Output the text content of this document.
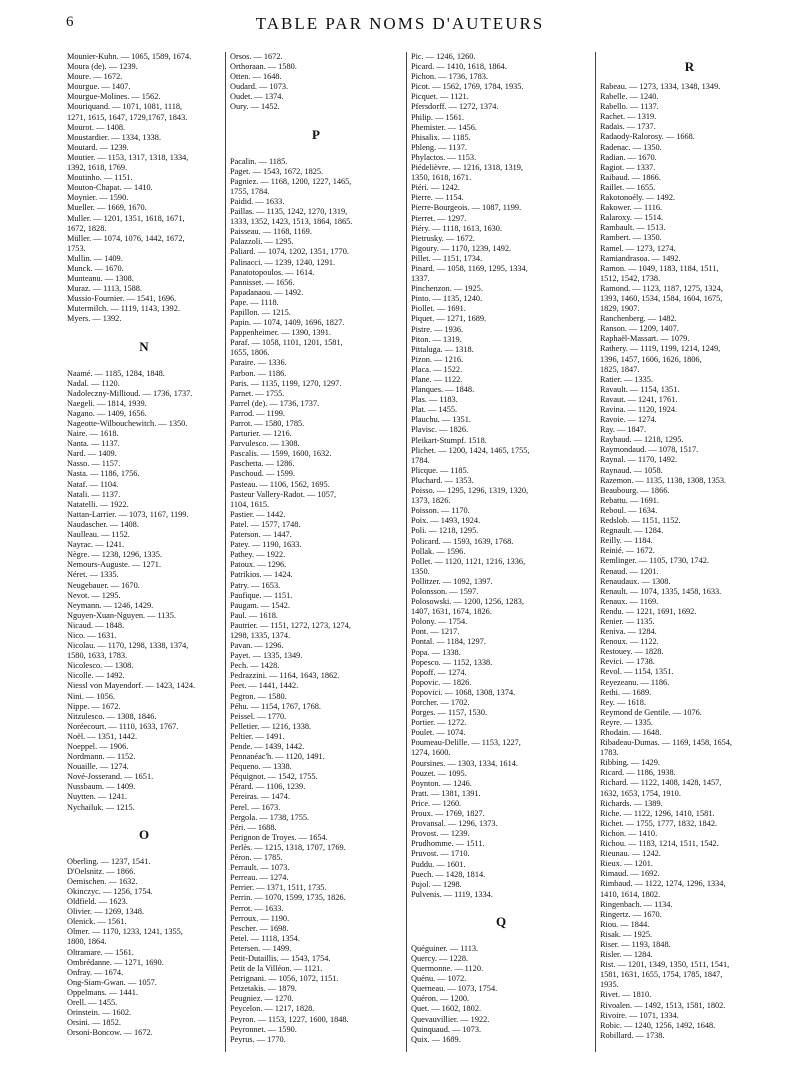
6	TABLE PAR NOMS D'AUTEURS
Mounier-Kuhn. — 1065, 1589, 1674.
Moura (de). — 1239.
Moure. — 1672.
Mourgue. — 1407.
Mourgue-Molines. — 1562.
Mouriquand. — 1071, 1081, 1118,
1271, 1615, 1647, 1729,1767, 1843.
Mourot. — 1408.
Moustardier. — 1334, 1338.
Moutard. — 1239.
Moutier. — 1153, 1317, 1318, 1334,
1392, 1618, 1769.
Moutinho. — 1151.
Mouton-Chapat. — 1410.
Moynier. — 1590.
Mueller. — 1669, 1670.
Muller. — 1201, 1351, 1618, 1671,
1672, 1828.
Müller. — 1074, 1076, 1442, 1672,
1753.
Mullin. — 1409.
Munck. — 1670.
Munteanu. — 1308.
Muraz. — 1113, 1588.
Mussio-Fournier. — 1541, 1696.
Mutermilch. — 1119, 1143, 1392.
Myers. — 1392.
N
Naamé. — 1185, 1284, 1848.
Nadal. — 1120.
Nadoleczny-Millioud. — 1736, 1737.
Naegeli. — 1814, 1939.
Nagano. — 1409, 1656.
Nageotte-Wilbouchewitch. — 1350.
Naire. — 1618.
Nanta. — 1137.
Nard. — 1409.
Nasso. — 1157.
Nasta. — 1186, 1756.
Nataf. — 1104.
Natali. — 1137.
Natatelli. — 1922.
Nattan-Larrier. — 1073, 1167, 1199.
Naudascher. — 1408.
Naulleau. — 1152.
Nayrac. — 1241.
Nègre. — 1238, 1296, 1335.
Nemours-Auguste. — 1271.
Néret. — 1335.
Neugebauer. — 1670.
Nevot. — 1295.
Neymann. — 1246, 1429.
Nguyen-Xuan-Nguyen. — 1135.
Nicaud. — 1848.
Nico. — 1631.
Nicolau. — 1170, 1298, 1338, 1374,
1580, 1633, 1783.
Nicolesco. — 1308.
Nicolle. — 1492.
Niessl von Mayendorf. — 1423, 1424.
Nini. — 1056.
Nippe. — 1672.
Nitzulesco. — 1308, 1846.
Noréecourt. — 1110, 1633, 1767.
Noël. — 1351, 1442.
Noeppel. — 1906.
Nordmann. — 1152.
Nouaille. — 1274.
Nové-Josserand. — 1651.
Nussbaum. — 1409.
Nuytten. — 1241.
Nychailuk. — 1215.
O
Oberling. — 1237, 1541.
D'Oelsnitz. — 1866.
Oemischen. — 1632.
Okinczyc. — 1256, 1754.
Oldfield. — 1623.
Olivier. — 1269, 1348.
Olenick. — 1561.
Olmer. — 1170, 1233, 1241, 1355,
1800, 1864.
Oltramare. — 1561.
Ombrédanne. — 1271, 1690.
Onfray. — 1674.
Ong-Siam-Gwan. — 1057.
Oppelmans. — 1441.
Orell. — 1455.
Orinstein. — 1602.
Orsini. — 1852.
Orsoni-Boncow. — 1672.
Orsos. — 1672.
Orthoraan. — 1580.
Otten. — 1648.
Oudard. — 1073.
Oudet. — 1374.
Oury. — 1452.
P
Pacalin. — 1185.
Paget. — 1543, 1672, 1825.
Pagniez. — 1168, 1200, 1227, 1465,
1755, 1784.
Paidid. — 1633.
Paillas. — 1135, 1242, 1270, 1319,
1333, 1352, 1423, 1513, 1864, 1865.
Paisseau. — 1168, 1169.
Palazzoli. — 1295.
Paliard. — 1074, 1202, 1351, 1770.
Palinacci. — 1239, 1240, 1291.
Panatotopoulos. — 1614.
Pannisset. — 1656.
Papadanaou. — 1492.
Pape. — 1118.
Papillon. — 1215.
Papin. — 1074, 1409, 1696, 1827.
Pappenheimer. — 1390, 1391.
Paraf. — 1058, 1101, 1201, 1581,
1655, 1806.
Paraire. — 1336.
Parbon. — 1186.
Paris. — 1135, 1199, 1270, 1297.
Parnet. — 1755.
Parrel (de). — 1736, 1737.
Parrod. — 1199.
Parrot. — 1580, 1785.
Parturier. — 1216.
Parvulesco. — 1308.
Pascalis. — 1599, 1600, 1632.
Paschetta. — 1286.
Paschoud. — 1599.
Pasteau. — 1106, 1562, 1695.
Pasteur Vallery-Radot. — 1057,
1104, 1615.
Pastier. — 1442.
Patel. — 1577, 1748.
Paterson. — 1447.
Patey. — 1190, 1633.
Pathey. — 1922.
Patoux. — 1296.
Patrikios. — 1424.
Patry. — 1653.
Paufique. — 1151.
Paugam. — 1542.
Paul. — 1618.
Pautrier. — 1151, 1272, 1273, 1274,
1298, 1335, 1374.
Pavan. — 1296.
Payet. — 1335, 1349.
Pech. — 1428.
Pedrazzini. — 1164, 1643, 1862.
Peet. — 1441, 1442.
Pegron. — 1580.
Péhu. — 1154, 1767, 1768.
Peissel. — 1770.
Pelletier. — 1216, 1338.
Peltier. — 1491.
Pende. — 1439, 1442.
Pennanéac'h. — 1120, 1491.
Pequeno. — 1338.
Péquignot. — 1542, 1755.
Pérard. — 1106, 1239.
Pereiras. — 1474.
Perel. — 1673.
Pergola. — 1738, 1755.
Péri. — 1688.
Perignon de Troyes. — 1654.
Perlès. — 1215, 1318, 1707, 1769.
Péron. — 1785.
Perrault. — 1073.
Perreau. — 1274.
Perrier. — 1371, 1511, 1735.
Perrin. — 1070, 1599, 1735, 1826.
Perrot. — 1633.
Perroux. — 1190.
Pescher. — 1698.
Petel. — 1118, 1354.
Petersen. — 1499.
Petit-Dutaillis. — 1543, 1754.
Petit de la Villéon. — 1121.
Petrignani. — 1056, 1072, 1151.
Petzetakis. — 1879.
Peugniez. — 1270.
Peycelon. — 1217, 1828.
Peyron. — 1153, 1227, 1600, 1848.
Peyronnet. — 1590.
Peyrus. — 1770.
Pic. — 1246, 1260.
Picard. — 1410, 1618, 1864.
Pichon. — 1736, 1783.
Picot. — 1562, 1769, 1784, 1935.
Picquet. — 1121.
Pfersdorff. — 1272, 1374.
Philip. — 1561.
Phemister. — 1456.
Phisalix. — 1185.
Phleng. — 1137.
Phylactos. — 1153.
Piédelièvre. — 1216, 1318, 1319,
1350, 1618, 1671.
Piéri. — 1242.
Pierre. — 1154.
Pierre-Bourgeois. — 1087, 1199.
Pierret. — 1297.
Piéry. — 1118, 1613, 1630.
Pietrusky. — 1672.
Pigoury. — 1170, 1239, 1492.
Pillet. — 1151, 1734.
Pinard. — 1058, 1169, 1295, 1334,
1337.
Pinchenzon. — 1925.
Pinto. — 1135, 1240.
Piollet. — 1691.
Piquet. — 1271, 1689.
Pistre. — 1936.
Piton. — 1319.
Pittaluga. — 1318.
Pizon. — 1216.
Placa. — 1522.
Plane. — 1122.
Planques. — 1848.
Plas. — 1183.
Plat. — 1455.
Plauchu. — 1351.
Plavisc. — 1826.
Pleikart-Stumpf. 1518.
Plichet. — 1200, 1424, 1465, 1755,
1784.
Plicque. — 1185.
Pluchard. — 1353.
Poisso. — 1295, 1296, 1319, 1320,
1373, 1826.
Poisson. — 1170.
Poix. — 1493, 1924.
Poli. — 1218, 1295.
Policard. — 1593, 1639, 1768.
Pollak. — 1596.
Pollet. — 1120, 1121, 1216, 1336,
1350.
Pollitzer. — 1092, 1397.
Polonsson. — 1597.
Polosowski. — 1200, 1256, 1283,
1407, 1631, 1674, 1826.
Polony. — 1754.
Pont. — 1217.
Pontal. — 1184, 1297.
Popa. — 1338.
Popesco. — 1152, 1338.
Popoff. — 1274.
Popovic. — 1826.
Popovici. — 1068, 1308, 1374.
Porcher. — 1702.
Porges. — 1157, 1530.
Portier. — 1272.
Poulet. — 1074.
Poumeau-Delille. — 1153, 1227,
1274, 1600.
Poursines. — 1303, 1334, 1614.
Pouzet. — 1095.
Poynton. — 1246.
Pratt. — 1381, 1391.
Price. — 1260.
Proux. — 1769, 1827.
Provansal. — 1296, 1373.
Provost. — 1239.
Prudhomme. — 1511.
Pruvost. — 1710.
Puddu. — 1601.
Puech. — 1428, 1814.
Pujol. — 1298.
Pulvenis. — 1119, 1334.
Q
Quéguiner. — 1113.
Quercy. — 1228.
Quermonne. — 1120.
Quénu. — 1072.
Querneau. — 1073, 1754.
Quéron. — 1200.
Quet. — 1602, 1802.
Quevauvillier. — 1922.
Quinquaud. — 1073.
Quix. — 1689.
R
Rabeau. — 1273, 1334, 1348, 1349.
Rabelle. — 1240.
Rabello. — 1137.
Rachet. — 1319.
Radais. — 1737.
Radaody-Ralorosy. — 1668.
Radenac. — 1350.
Radian. — 1670.
Ragiot. — 1337.
Raibaud. — 1866.
Raillet. — 1655.
Rakotonoély. — 1492.
Rakower. — 1116.
Ralaroxy. — 1514.
Rambault. — 1513.
Rambert. — 1350.
Ramel. — 1273, 1274.
Ramiandrasoa. — 1492.
Ramon. — 1049, 1183, 1184, 1511,
1512, 1542, 1738.
Ramond. — 1123, 1187, 1275, 1324,
1393, 1460, 1534, 1584, 1604, 1675,
1829, 1907.
Ranchenberg. — 1482.
Ranson. — 1209, 1407.
Raphaël-Massart. — 1079.
Rathery. — 1119, 1199, 1214, 1249,
1396, 1457, 1606, 1626, 1806,
1825, 1847.
Ratier. — 1335.
Ravault. — 1154, 1351.
Ravaut. — 1241, 1761.
Ravina. — 1120, 1924.
Ravoie. — 1274.
Ray. — 1847.
Raybaud. — 1218, 1295.
Raymondaud. — 1078, 1517.
Raynal. — 1170, 1492.
Raynaud. — 1058.
Razemon. — 1135, 1138, 1308, 1353.
Beaubourg. — 1866.
Rebattu. — 1691.
Reboul. — 1634.
Redslob. — 1151, 1152.
Regnault. — 1284.
Reilly. — 1184.
Reinié. — 1672.
Remlinger. — 1105, 1730, 1742.
Renaud. — 1201.
Renaudaux. — 1308.
Renault. — 1074, 1335, 1458, 1633.
Renaux. — 1169.
Rendu. — 1221, 1691, 1692.
Renier. — 1135.
Reniva. — 1284.
Renoux. — 1122.
Restouey. — 1828.
Revici. — 1738.
Revol. — 1154, 1351.
Reyezeanu. — 1186.
Rethi. — 1689.
Rey. — 1618.
Reymond de Gentile. — 1076.
Reyre. — 1335.
Rhodain. — 1648.
Ribadeau-Dumas. — 1169, 1458, 1654,
1783.
Ribbing. — 1429.
Ricard. — 1186, 1938.
Richard. — 1122, 1408, 1428, 1457,
1632, 1653, 1754, 1910.
Richards. — 1389.
Riche. — 1122, 1296, 1410, 1581.
Richet. — 1755, 1777, 1832, 1842.
Richon. — 1410.
Richou. — 1183, 1214, 1511, 1542.
Rieunau. — 1242.
Rieux. — 1201.
Rimaud. — 1692.
Rimbaud. — 1122, 1274, 1296, 1334,
1410, 1614, 1802.
Ringenbach. — 1134.
Ringertz. — 1670.
Riou. — 1844.
Risak. — 1925.
Riser. — 1193, 1848.
Risler. — 1284.
Rist. — 1201, 1349, 1350, 1511, 1541,
1581, 1631, 1655, 1754, 1785, 1847,
1935.
Rivet. — 1810.
Rivoalen. — 1492, 1513, 1581, 1802.
Rivoire. — 1071, 1334.
Robic. — 1240, 1256, 1492, 1648.
Robillard. — 1738.
